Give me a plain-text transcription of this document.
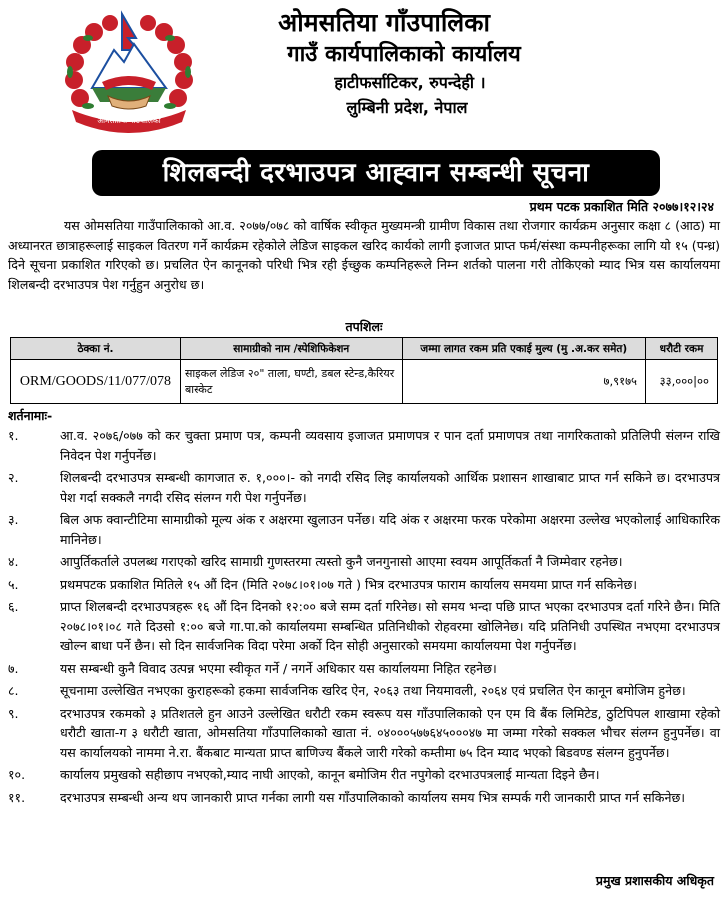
ओमसतिया गाउँपालिका
ओमसतिया गाँउपालिका
गाउँ कार्यपालिकाको कार्यालय
हाटीफर्साटिकर, रुपन्देही ।
लुम्बिनी प्रदेश, नेपाल
शिलबन्दी दरभाउपत्र आह्‍वान सम्बन्धी सूचना
प्रथम पटक प्रकाशित मिति २०७७।१२।२४
यस ओमसतिया गाउँपालिकाको आ.व. २०७७/०७८ को वार्षिक स्वीकृत मुख्यमन्त्री ग्रामीण विकास तथा रोजगार कार्यक्रम अनुसार कक्षा ८ (आठ) मा अध्यानरत छात्राहरूलाई साइकल वितरण गर्ने कार्यक्रम रहेकोले लेडिज साइकल खरिद कार्यको लागी इजाजत प्राप्त फर्म/संस्था कम्पनीहरूका लागि यो १५ (पन्ध्र) दिने सूचना प्रकाशित गरिएको छ। प्रचलित ऐन कानूनको परिधी भित्र रही ईच्छुक कम्पनिहरूले निम्न शर्तको पालना गरी तोकिएको म्याद भित्र यस कार्यालयमा शिलबन्दी दरभाउपत्र पेश गर्नुहुन अनुरोध छ।
तपशिलः
ठेक्का नं.	सामाग्रीको नाम /स्पेशिफिकेशन	जम्मा लागत रकम प्रति एकाई मुल्य (मु .अ.कर समेत)	धरौटी रकम
ORM/GOODS/11/077/078	साइकल लेडिज २०" ताला, घण्टी, डबल स्टेन्ड,कैरियर बास्केट	७,९१७५	३३,०००|००
शर्तनामाः-
१.	आ.व. २०७६/०७७ को कर चुक्ता प्रमाण पत्र, कम्पनी व्यवसाय इजाजत प्रमाणपत्र र पान दर्ता प्रमाणपत्र तथा नागरिकताको प्रतिलिपी संलग्न राखि निवेदन पेश गर्नुपर्नेछ।
२.	शिलबन्दी दरभाउपत्र सम्बन्धी कागजात रु. १,०००।- को नगदी रसिद लिइ कार्यालयको आर्थिक प्रशासन शाखाबाट प्राप्त गर्न सकिने छ। दरभाउपत्र पेश गर्दा सक्कलै नगदी रसिद संलग्न गरी पेश गर्नुपर्नेछ।
३.	बिल अफ क्वान्टीटिमा सामाग्रीको मूल्य अंक र अक्षरमा खुलाउन पर्नेछ। यदि अंक र अक्षरमा फरक परेकोमा अक्षरमा उल्लेख भएकोलाई आधिकारिक मानिनेछ।
४.	आपुर्तिकर्ताले उपलब्ध गराएको खरिद सामाग्री गुणस्तरमा त्यस्तो कुनै जनगुनासो आएमा स्वयम आपूर्तिकर्ता नै जिम्मेवार रहनेछ।
५.	प्रथमपटक प्रकाशित मितिले १५ औं दिन (मिति २०७८।०१।०७ गते ) भित्र दरभाउपत्र फाराम कार्यालय समयमा प्राप्त गर्न सकिनेछ।
६.	प्राप्त शिलबन्दी दरभाउपत्रहरू १६ औं दिन दिनको १२:०० बजे सम्म दर्ता गरिनेछ। सो समय भन्दा पछि प्राप्त भएका दरभाउपत्र दर्ता गरिने छैन। मिति २०७८।०१।०८ गते दिउसो १:०० बजे गा.पा.को कार्यालयमा सम्बन्धित प्रतिनिधीको रोहवरमा खोलिनेछ। यदि प्रतिनिधी उपस्थित नभएमा दरभाउपत्र खोल्न बाधा पर्ने छैन। सो दिन सार्वजनिक विदा परेमा अर्को दिन सोही अनुसारको समयमा कार्यालयमा पेश गर्नुपर्नेछ।
७.	यस सम्बन्धी कुनै विवाद उत्पन्न भएमा स्वीकृत गर्ने / नगर्ने अधिकार यस कार्यालयमा निहित रहनेछ।
८.	सूचनामा उल्लेखित नभएका कुराहरूको हकमा सार्वजनिक खरिद ऐन, २०६३ तथा नियमावली, २०६४ एवं प्रचलित ऐन कानून बमोजिम हुनेछ।
९.	दरभाउपत्र रकमको ३ प्रतिशतले हुन आउने उल्लेखित धरौटी रकम स्वरूप यस गाँउपालिकाको एन एम वि बैंक लिमिटेड, ठुटिपिपल शाखामा रहेको धरौटी खाता-ग ३ धरौटी खाता, ओमसतिया गाँउपालिकाको खाता नं. ०४०००५७७६४५०००४७ मा जम्मा गरेको सक्कल भौचर संलग्न हुनुपर्नेछ। वा यस कार्यालयको नाममा ने.रा. बैंकबाट मान्यता प्राप्त बाणिज्य बैंकले जारी गरेको कम्तीमा ७५ दिन म्याद भएको बिडवण्ड संलग्न हुनुपर्नेछ।
१०.	कार्यालय प्रमुखको सहीछाप नभएको,म्याद नाघी आएको, कानून बमोजिम रीत नपुगेको दरभाउपत्रलाई मान्यता दिइने छैन।
११.	दरभाउपत्र सम्बन्धी अन्य थप जानकारी प्राप्त गर्नका लागी यस गाँउपालिकाको कार्यालय समय भित्र सम्पर्क गरी जानकारी प्राप्त गर्न सकिनेछ।
प्रमुख प्रशासकीय अधिकृत
